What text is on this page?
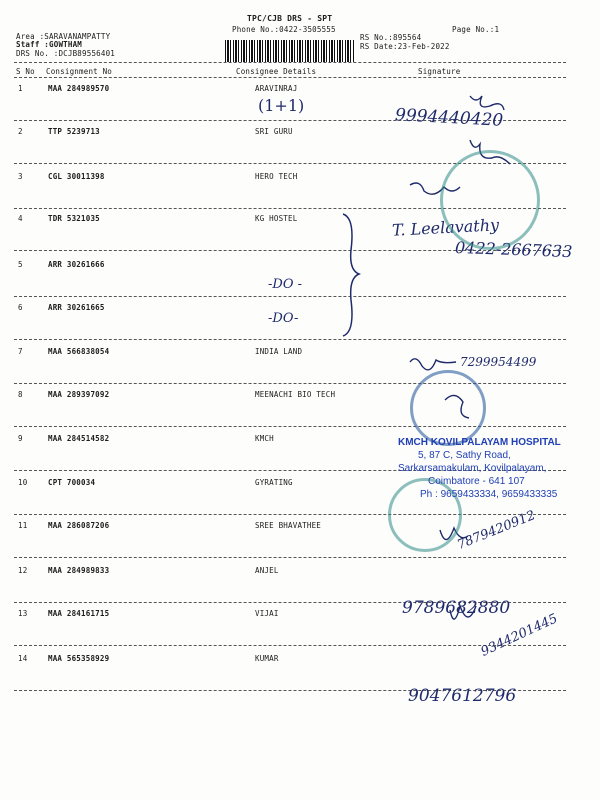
TPC/CJB DRS - SPT
Phone No.:0422-3505555	Page No.:1
Area :SARAVANAMPATTY
Staff :GOWTHAM
DRS No. :DCJB89556401
RS No.:895564
RS Date:23-Feb-2022
S No Consignment No	Consignee Details	Signature
1	MAA 284989570	ARAVINRAJ
2	TTP 5239713	SRI GURU
3	CGL 30011398	HERO TECH
4	TDR 5321035	KG HOSTEL
5	ARR 30261666
6	ARR 30261665
7	MAA 566838054	INDIA LAND
8	MAA 289397092	MEENACHI BIO TECH
9	MAA 284514582	KMCH
10	CPT 700034	GYRATING
11	MAA 286087206	SREE BHAVATHEE
12	MAA 284989833	ANJEL
13	MAA 284161715	VIJAI
14	MAA 565358929	KUMAR
(1+1)	9994440420
T. Leelavathy
0422-2667633
-DO -
-DO-
7299954499
7879420912
9789682880
9344201445
9047612796
KMCH KOVILPALAYAM HOSPITAL
5, 87 C, Sathy Road,
Sarkarsamakulam, Kovilpalayam,
Coimbatore - 641 107
Ph : 9659433334, 9659433335
